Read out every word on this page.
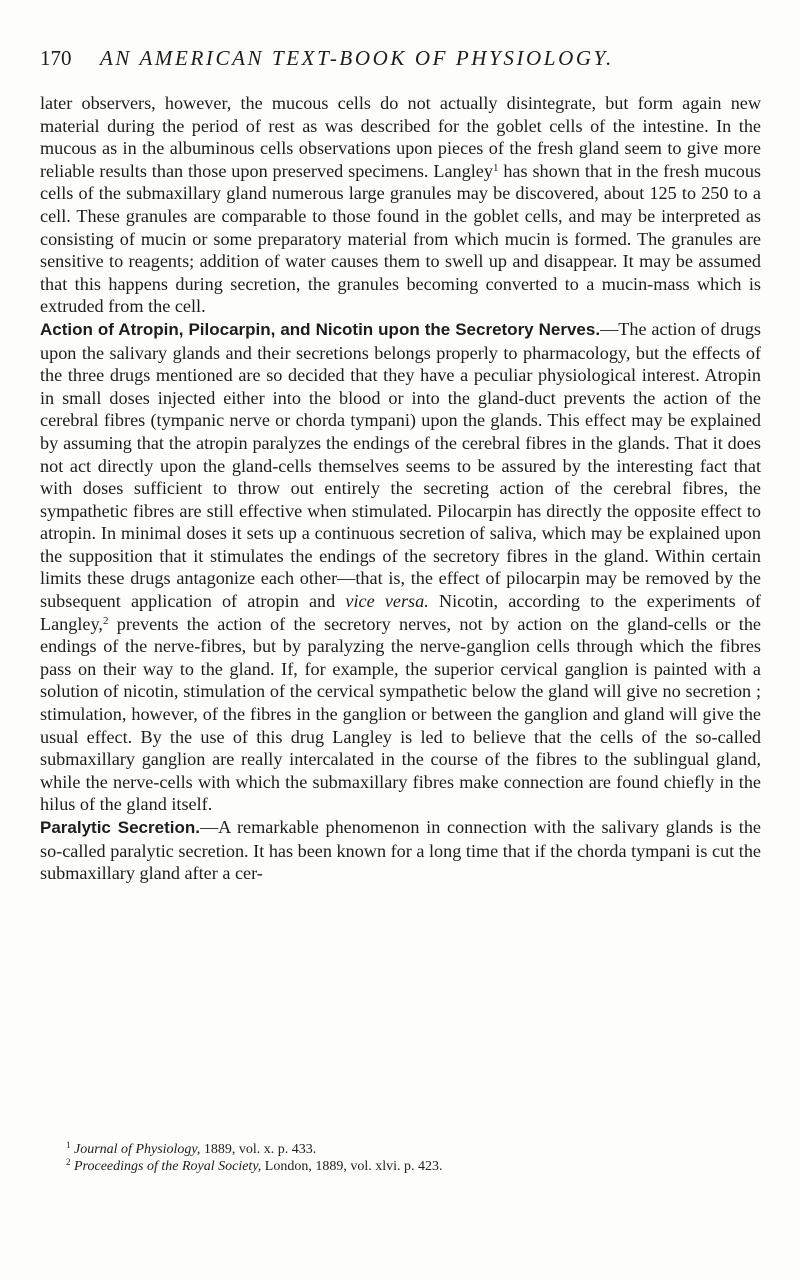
170 AN AMERICAN TEXT-BOOK OF PHYSIOLOGY.

later observers, however, the mucous cells do not actually disintegrate, but form again new material during the period of rest as was described for the goblet cells of the intestine. In the mucous as in the albuminous cells observations upon pieces of the fresh gland seem to give more reliable results than those upon preserved specimens. Langley$^1$ has shown that in the fresh mucous cells of the submaxillary gland numerous large granules may be discovered, about 125 to 250 to a cell. These granules are comparable to those found in the goblet cells, and may be interpreted as consisting of mucin or some preparatory material from which mucin is formed. The granules are sensitive to reagents; addition of water causes them to swell up and disappear. It may be assumed that this happens during secretion, the granules becoming converted to a mucin-mass which is extruded from the cell.

Action of Atropin, Pilocarpin, and Nicotin upon the Secretory Nerves.—The action of drugs upon the salivary glands and their secretions belongs properly to pharmacology, but the effects of the three drugs mentioned are so decided that they have a peculiar physiological interest. Atropin in small doses injected either into the blood or into the gland-duct prevents the action of the cerebral fibres (tympanic nerve or chorda tympani) upon the glands. This effect may be explained by assuming that the atropin paralyzes the endings of the cerebral fibres in the glands. That it does not act directly upon the gland-cells themselves seems to be assured by the interesting fact that with doses sufficient to throw out entirely the secreting action of the cerebral fibres, the sympathetic fibres are still effective when stimulated. Pilocarpin has directly the opposite effect to atropin. In minimal doses it sets up a continuous secretion of saliva, which may be explained upon the supposition that it stimulates the endings of the secretory fibres in the gland. Within certain limits these drugs antagonize each other—that is, the effect of pilocarpin may be removed by the subsequent application of atropin and vice versa. Nicotin, according to the experiments of Langley,$^2$ prevents the action of the secretory nerves, not by action on the gland-cells or the endings of the nerve-fibres, but by paralyzing the nerve-ganglion cells through which the fibres pass on their way to the gland. If, for example, the superior cervical ganglion is painted with a solution of nicotin, stimulation of the cervical sympathetic below the gland will give no secretion ; stimulation, however, of the fibres in the ganglion or between the ganglion and gland will give the usual effect. By the use of this drug Langley is led to believe that the cells of the so-called submaxillary ganglion are really intercalated in the course of the fibres to the sublingual gland, while the nerve-cells with which the submaxillary fibres make connection are found chiefly in the hilus of the gland itself.

Paralytic Secretion.—A remarkable phenomenon in connection with the salivary glands is the so-called paralytic secretion. It has been known for a long time that if the chorda tympani is cut the submaxillary gland after a cer-

$^1$ Journal of Physiology, 1889, vol. x. p. 433.
$^2$ Proceedings of the Royal Society, London, 1889, vol. xlvi. p. 423.
